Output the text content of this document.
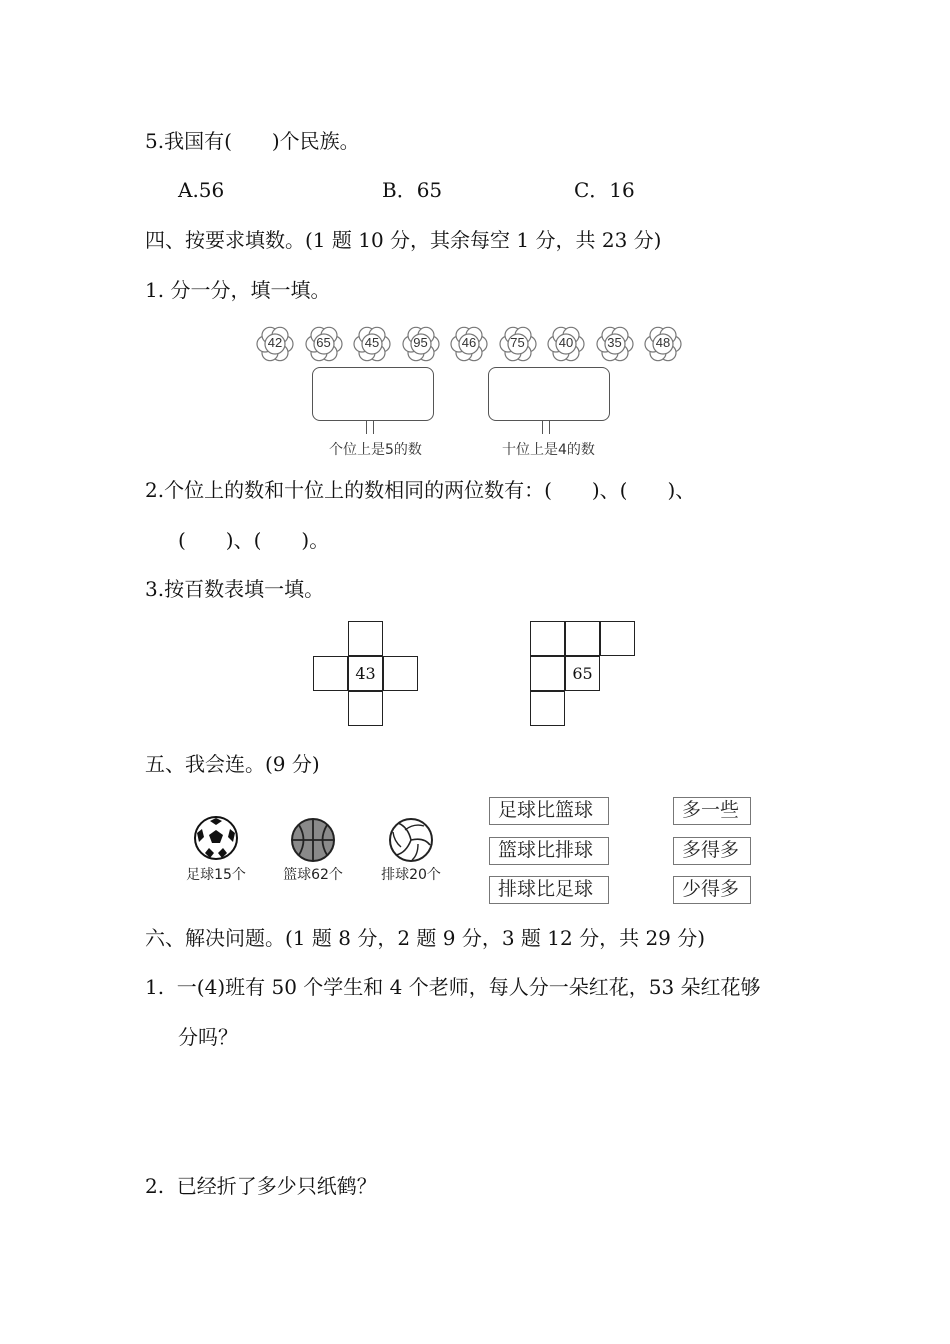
5.我国有(　　)个民族。
A.56	B．65	C．16
四、按要求填数。(1 题 10 分，其余每空 1 分，共 23 分)
1. 分一分，填一填。
42	65	45	95	46	75	40	35	48
个位上是5的数	十位上是4的数
2.个位上的数和十位上的数相同的两位数有：(　　)、(　　)、
(　　)、(　　)。
3.按百数表填一填。
43	65
五、我会连。(9 分)
足球15个	篮球62个	排球20个
足球比篮球
篮球比排球
排球比足球
多一些
多得多
少得多
六、解决问题。(1 题 8 分，2 题 9 分，3 题 12 分，共 29 分)
1.  一(4)班有 50 个学生和 4 个老师，每人分一朵红花，53 朵红花够
分吗？
2.  已经折了多少只纸鹤？
